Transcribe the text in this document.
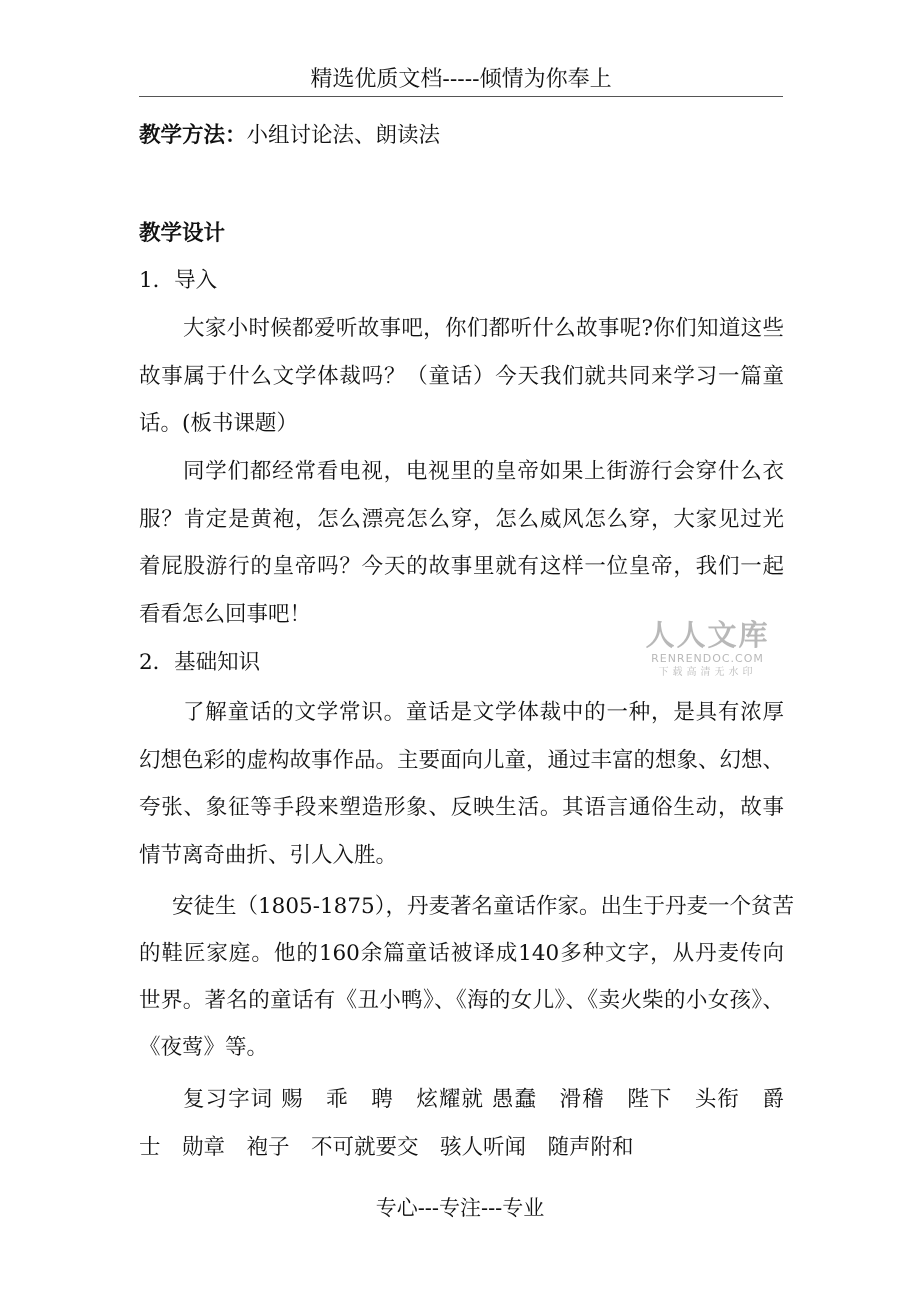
精选优质文档-----倾情为你奉上
教学方法：小组讨论法、朗读法
教学设计
1．导入
大家小时候都爱听故事吧，你们都听什么故事呢?你们知道这些
故事属于什么文学体裁吗？（童话）今天我们就共同来学习一篇童
话。(板书课题）
同学们都经常看电视，电视里的皇帝如果上街游行会穿什么衣
服？肯定是黄袍，怎么漂亮怎么穿，怎么威风怎么穿，大家见过光
着屁股游行的皇帝吗？今天的故事里就有这样一位皇帝，我们一起
看看怎么回事吧！
2．基础知识
了解童话的文学常识。童话是文学体裁中的一种，是具有浓厚
幻想色彩的虚构故事作品。主要面向儿童，通过丰富的想象、幻想、
夸张、象征等手段来塑造形象、反映生活。其语言通俗生动，故事
情节离奇曲折、引人入胜。
安徒生（1805-1875），丹麦著名童话作家。出生于丹麦一个贫苦
的鞋匠家庭。他的160余篇童话被译成140多种文字，从丹麦传向
世界。著名的童话有《丑小鸭》、《海的女儿》、《卖火柴的小女孩》、
《夜莺》等。
复习字词 赐　乖　聘　炫耀就 愚蠢　滑稽　陛下　头衔　爵
士　勋章　袍子　不可就要交　骇人听闻　随声附和
人人文库
RENRENDOC.COM
下载高清无水印
专心---专注---专业
